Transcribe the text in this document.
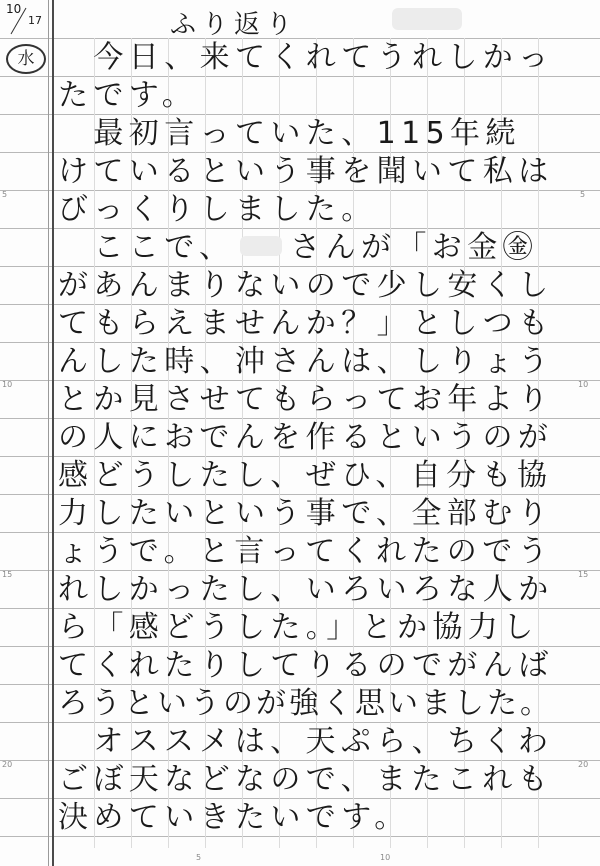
5
10
15
20
5
10
15
20
5	10
10
17
水
ふり返り
　今日、来てくれてうれしかっ
たです。
　最初言っていた、115年続
けているという事を聞いて私は
びっくりしました。
　ここで、　　さんが「お金㊎
があんまりないので少し安くし
てもらえませんか？」としつも
んした時、沖さんは、しりょう
とか見させてもらってお年より
の人におでんを作るというのが
感どうしたし、ぜひ、自分も協
力したいという事で、全部むり
ょうで。と言ってくれたのでう
れしかったし、いろいろな人か
ら「感どうした。」とか協力し
てくれたりしてりるのでがんば
ろうというのが強く思いました。
　オススメは、天ぷら、ちくわ
ごぼ天などなので、またこれも
決めていきたいです。
